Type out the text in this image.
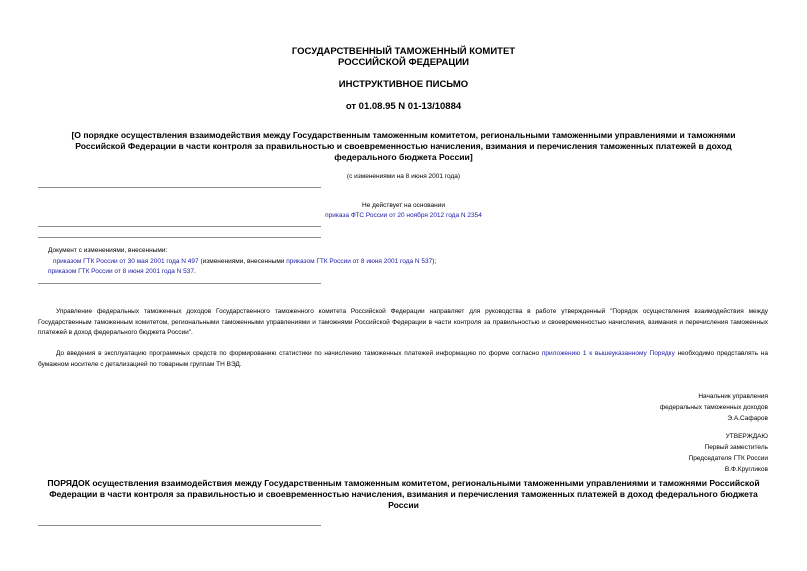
ГОСУДАРСТВЕННЫЙ ТАМОЖЕННЫЙ КОМИТЕТ
РОССИЙСКОЙ ФЕДЕРАЦИИ
ИНСТРУКТИВНОЕ ПИСЬМО
от 01.08.95 N 01-13/10884
[О порядке осуществления взаимодействия между Государственным таможенным комитетом, региональными таможенными управлениями и таможнями
Российской Федерации в части контроля за правильностью и своевременностью начисления, взимания и перечисления таможенных платежей в доход
федерального бюджета России]
(с изменениями на 8 июня 2001 года)
Не действует на основании
приказа ФТС России от 20 ноября 2012 года N 2354
Документ с изменениями, внесенными:
приказом ГТК России от 30 мая 2001 года N 497 (изменениями, внесенными приказом ГТК России от 8 июня 2001 года N 537);
приказом ГТК России от 8 июня 2001 года N 537.
Управление федеральных таможенных доходов Государственного таможенного комитета Российской Федерации направляет для руководства в работе утвержденный "Порядок осуществления взаимодействия между Государственным таможенным комитетом, региональными таможенными управлениями и таможнями Российской Федерации в части контроля за правильностью и своевременностью начисления, взимания и перечисления таможенных платежей в доход федерального бюджета России".
До введения в эксплуатацию программных средств по формированию статистики по начислению таможенных платежей информацию по форме согласно приложению 1 к вышеуказанному Порядку необходимо представлять на бумажном носителе с детализацией по товарным группам ТН ВЭД.
Начальник управления
федеральных таможенных доходов
Э.А.Сафаров
УТВЕРЖДАЮ
Первый заместитель
Председателя ГТК России
В.Ф.Кругликов
ПОРЯДОК осуществления взаимодействия между Государственным таможенным комитетом, региональными таможенными управлениями и таможнями Российской
Федерации в части контроля за правильностью и своевременностью начисления, взимания и перечисления таможенных платежей в доход федерального бюджета
России
